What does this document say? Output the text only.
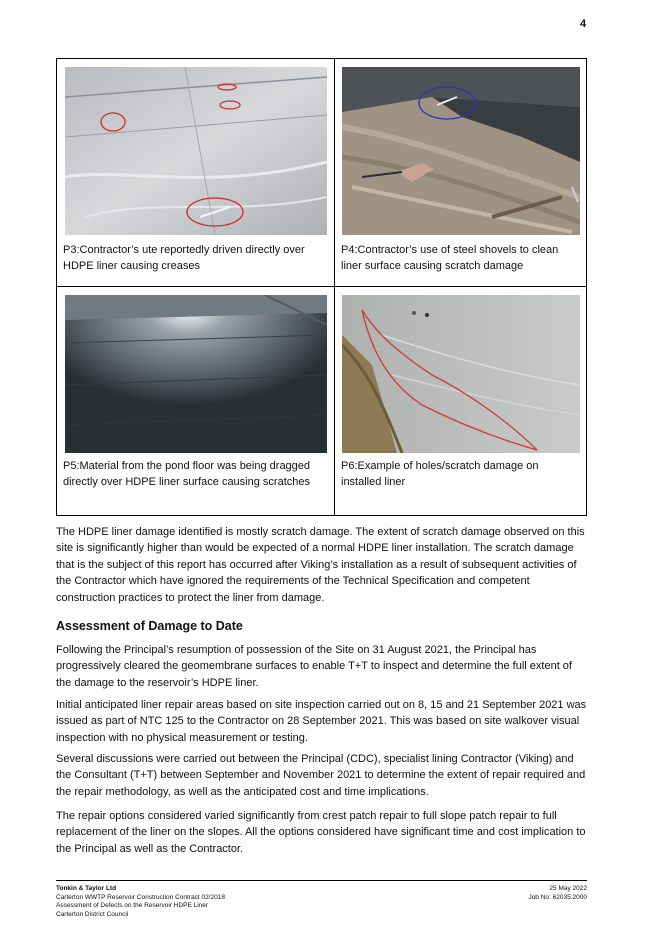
4
P3:Contractor’s ute reportedly driven directly over HDPE liner causing creases
P4:Contractor’s use of steel shovels to clean liner surface causing scratch damage
P5:Material from the pond floor was being dragged directly over HDPE liner surface causing scratches
P6:Example of holes/scratch damage on installed liner

The HDPE liner damage identified is mostly scratch damage. The extent of scratch damage observed on this site is significantly higher than would be expected of a normal HDPE liner installation. The scratch damage that is the subject of this report has occurred after Viking’s installation as a result of subsequent activities of the Contractor which have ignored the requirements of the Technical Specification and competent construction practices to protect the liner from damage.

Assessment of Damage to Date

Following the Principal’s resumption of possession of the Site on 31 August 2021, the Principal has progressively cleared the geomembrane surfaces to enable T+T to inspect and determine the full extent of the damage to the reservoir’s HDPE liner.

Initial anticipated liner repair areas based on site inspection carried out on 8, 15 and 21 September 2021 was issued as part of NTC 125 to the Contractor on 28 September 2021. This was based on site walkover visual inspection with no physical measurement or testing.

Several discussions were carried out between the Principal (CDC), specialist lining Contractor (Viking) and the Consultant (T+T) between September and November 2021 to determine the extent of repair required and the repair methodology, as well as the anticipated cost and time implications.

The repair options considered varied significantly from crest patch repair to full slope patch repair to full replacement of the liner on the slopes. All the options considered have significant time and cost implication to the Principal as well as the Contractor.

Tonkin & Taylor Ltd
Carterton WWTP Reservoir Construction Contract 02/2018
Assessment of Defects on the Reservoir HDPE Liner
Carterton District Council
25 May 2022
Job No: 62035.2000
